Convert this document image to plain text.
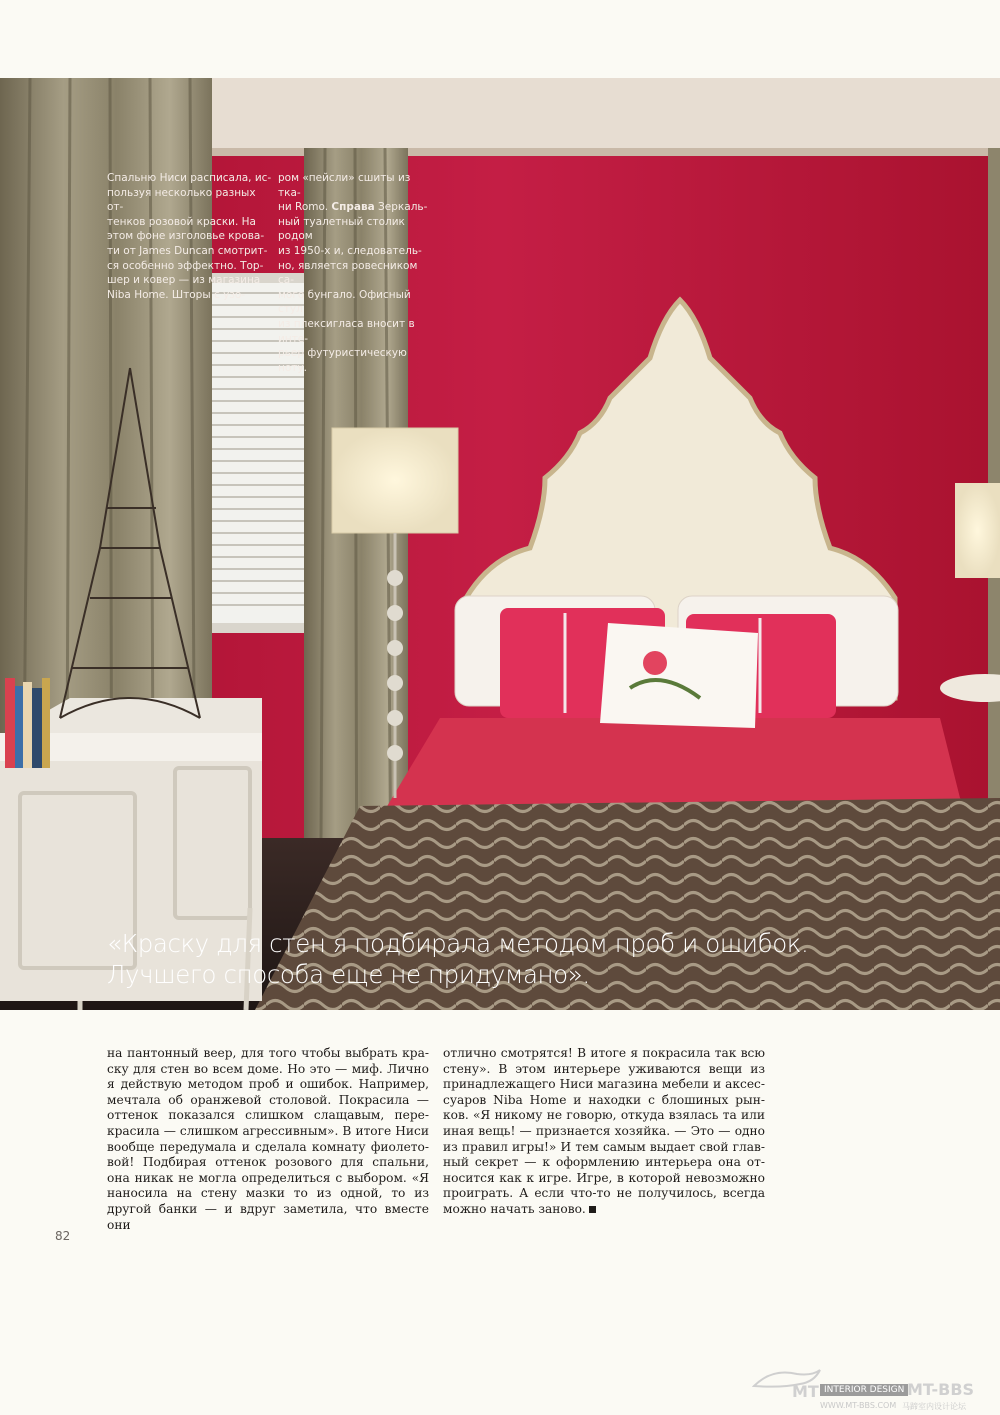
Спальню Ниси расписала, ис-
пользуя несколько разных от-
тенков розовой краски. На
этом фоне изголовье крова-
ти от James Duncan смотрит-
ся особенно эффектно. Тор-
шер и ковер — из магазина
Niba Home. Шторы с узо-
ром «пейсли» сшиты из тка-
ни Romo. Справа Зеркаль-
ный туалетный столик родом
из 1950-х и, следователь-
но, является ровесником са-
мого бунгало. Офисный стул
из плексигласа вносит в инте-
рьер футуристическую ноту.
«Краску для стен я подбирала методом проб и ошибок.
Лучшего способа еще не придумано».

на пантонный веер, для того чтобы выбрать кра-ску для стен во всем доме. Но это — миф. Лично я действую методом проб и ошибок. Например, мечтала об оранжевой столовой. Покрасила — оттенок показался слишком слащавым, пере-красила — слишком агрессивным». В итоге Ниси вообще передумала и сделала комнату фиолето-вой! Подбирая оттенок розового для спальни, она никак не могла определиться с выбором. «Я наносила на стену мазки то из одной, то из другой банки — и вдруг заметила, что вместе они

отлично смотрятся! В итоге я покрасила так всю стену». В этом интерьере уживаются вещи из принадлежащего Ниси магазина мебели и аксес-суаров Niba Home и находки с блошиных рын-ков. «Я никому не говорю, откуда взялась та или иная вещь! — признается хозяйка. — Это — одно из правил игры!» И тем самым выдает свой глав-ный секрет — к оформлению интерьера она от-носится как к игре. Игре, в которой невозможно проиграть. А если что-то не получилось, всегда можно начать заново.

82
MT INTERIOR DESIGN MT-BBS
WWW.MT-BBS.COM 马蹄室内设计论坛
